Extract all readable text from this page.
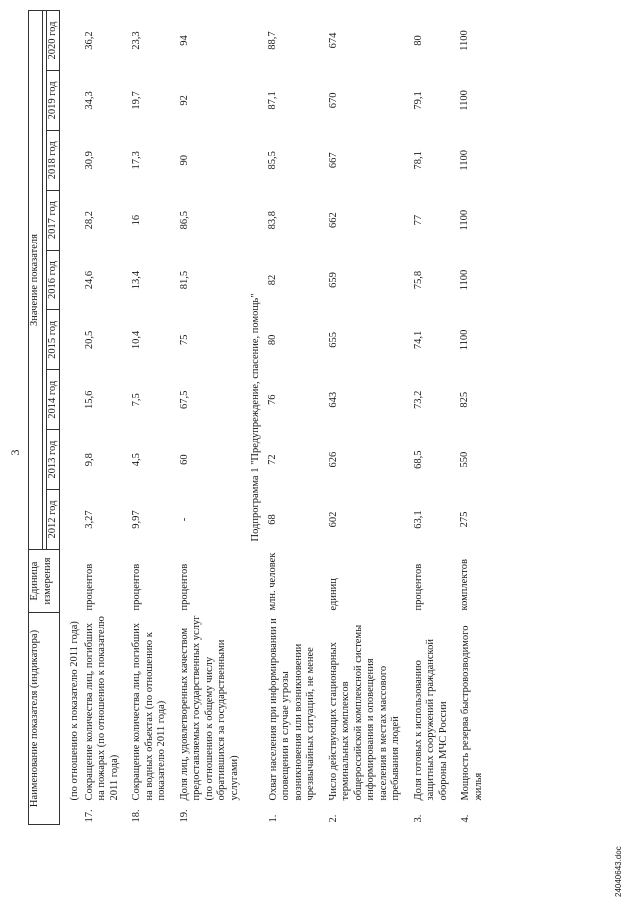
3
Наименование показателя (индикатора)		Единица измерения	Значение показателя								

			2012 год	2013 год	2014 год	2015 год	2016 год	2017 год	2018 год	2019 год	2020 год

	(по отношению к показателю 2011 года)										
17.	Сокращение количества лиц, погибших на пожарах (по отношению к показателю 2011 года)	процентов	3,27	9,8	15,6	20,5	24,6	28,2	30,9	34,3	36,2

18.	Сокращение количества лиц, погибших на водных объектах (по отношению к показателю 2011 года)	процентов	9,97	4,5	7,5	10,4	13,4	16	17,3	19,7	23,3

19.	Доля лиц, удовлетворенных качеством предоставляемых государственных услуг (по отношению к общему числу обратившихся за государственными услугами)	процентов	-	60	67,5	75	81,5	86,5	90	92	94
Подпрограмма 1 "Предупреждение, спасение, помощь"											
1.	Охват населения при информировании и оповещении в случае угрозы возникновения или возникновении чрезвычайных ситуаций, не менее	млн. человек	68	72	76	80	82	83,8	85,5	87,1	88,7

2.	Число действующих стационарных терминальных комплексов общероссийской комплексной системы информирования и оповещения населения в местах массового пребывания людей	единиц	602	626	643	655	659	662	667	670	674

3.	Доля готовых к использованию защитных сооружений гражданской обороны МЧС России	процентов	63,1	68,5	73,2	74,1	75,8	77	78,1	79,1	80

4.	Мощность резерва быстровозводимого жилья	комплектов	275	550	825	1100	1100	1100	1100	1100	1100
24040643.doc
